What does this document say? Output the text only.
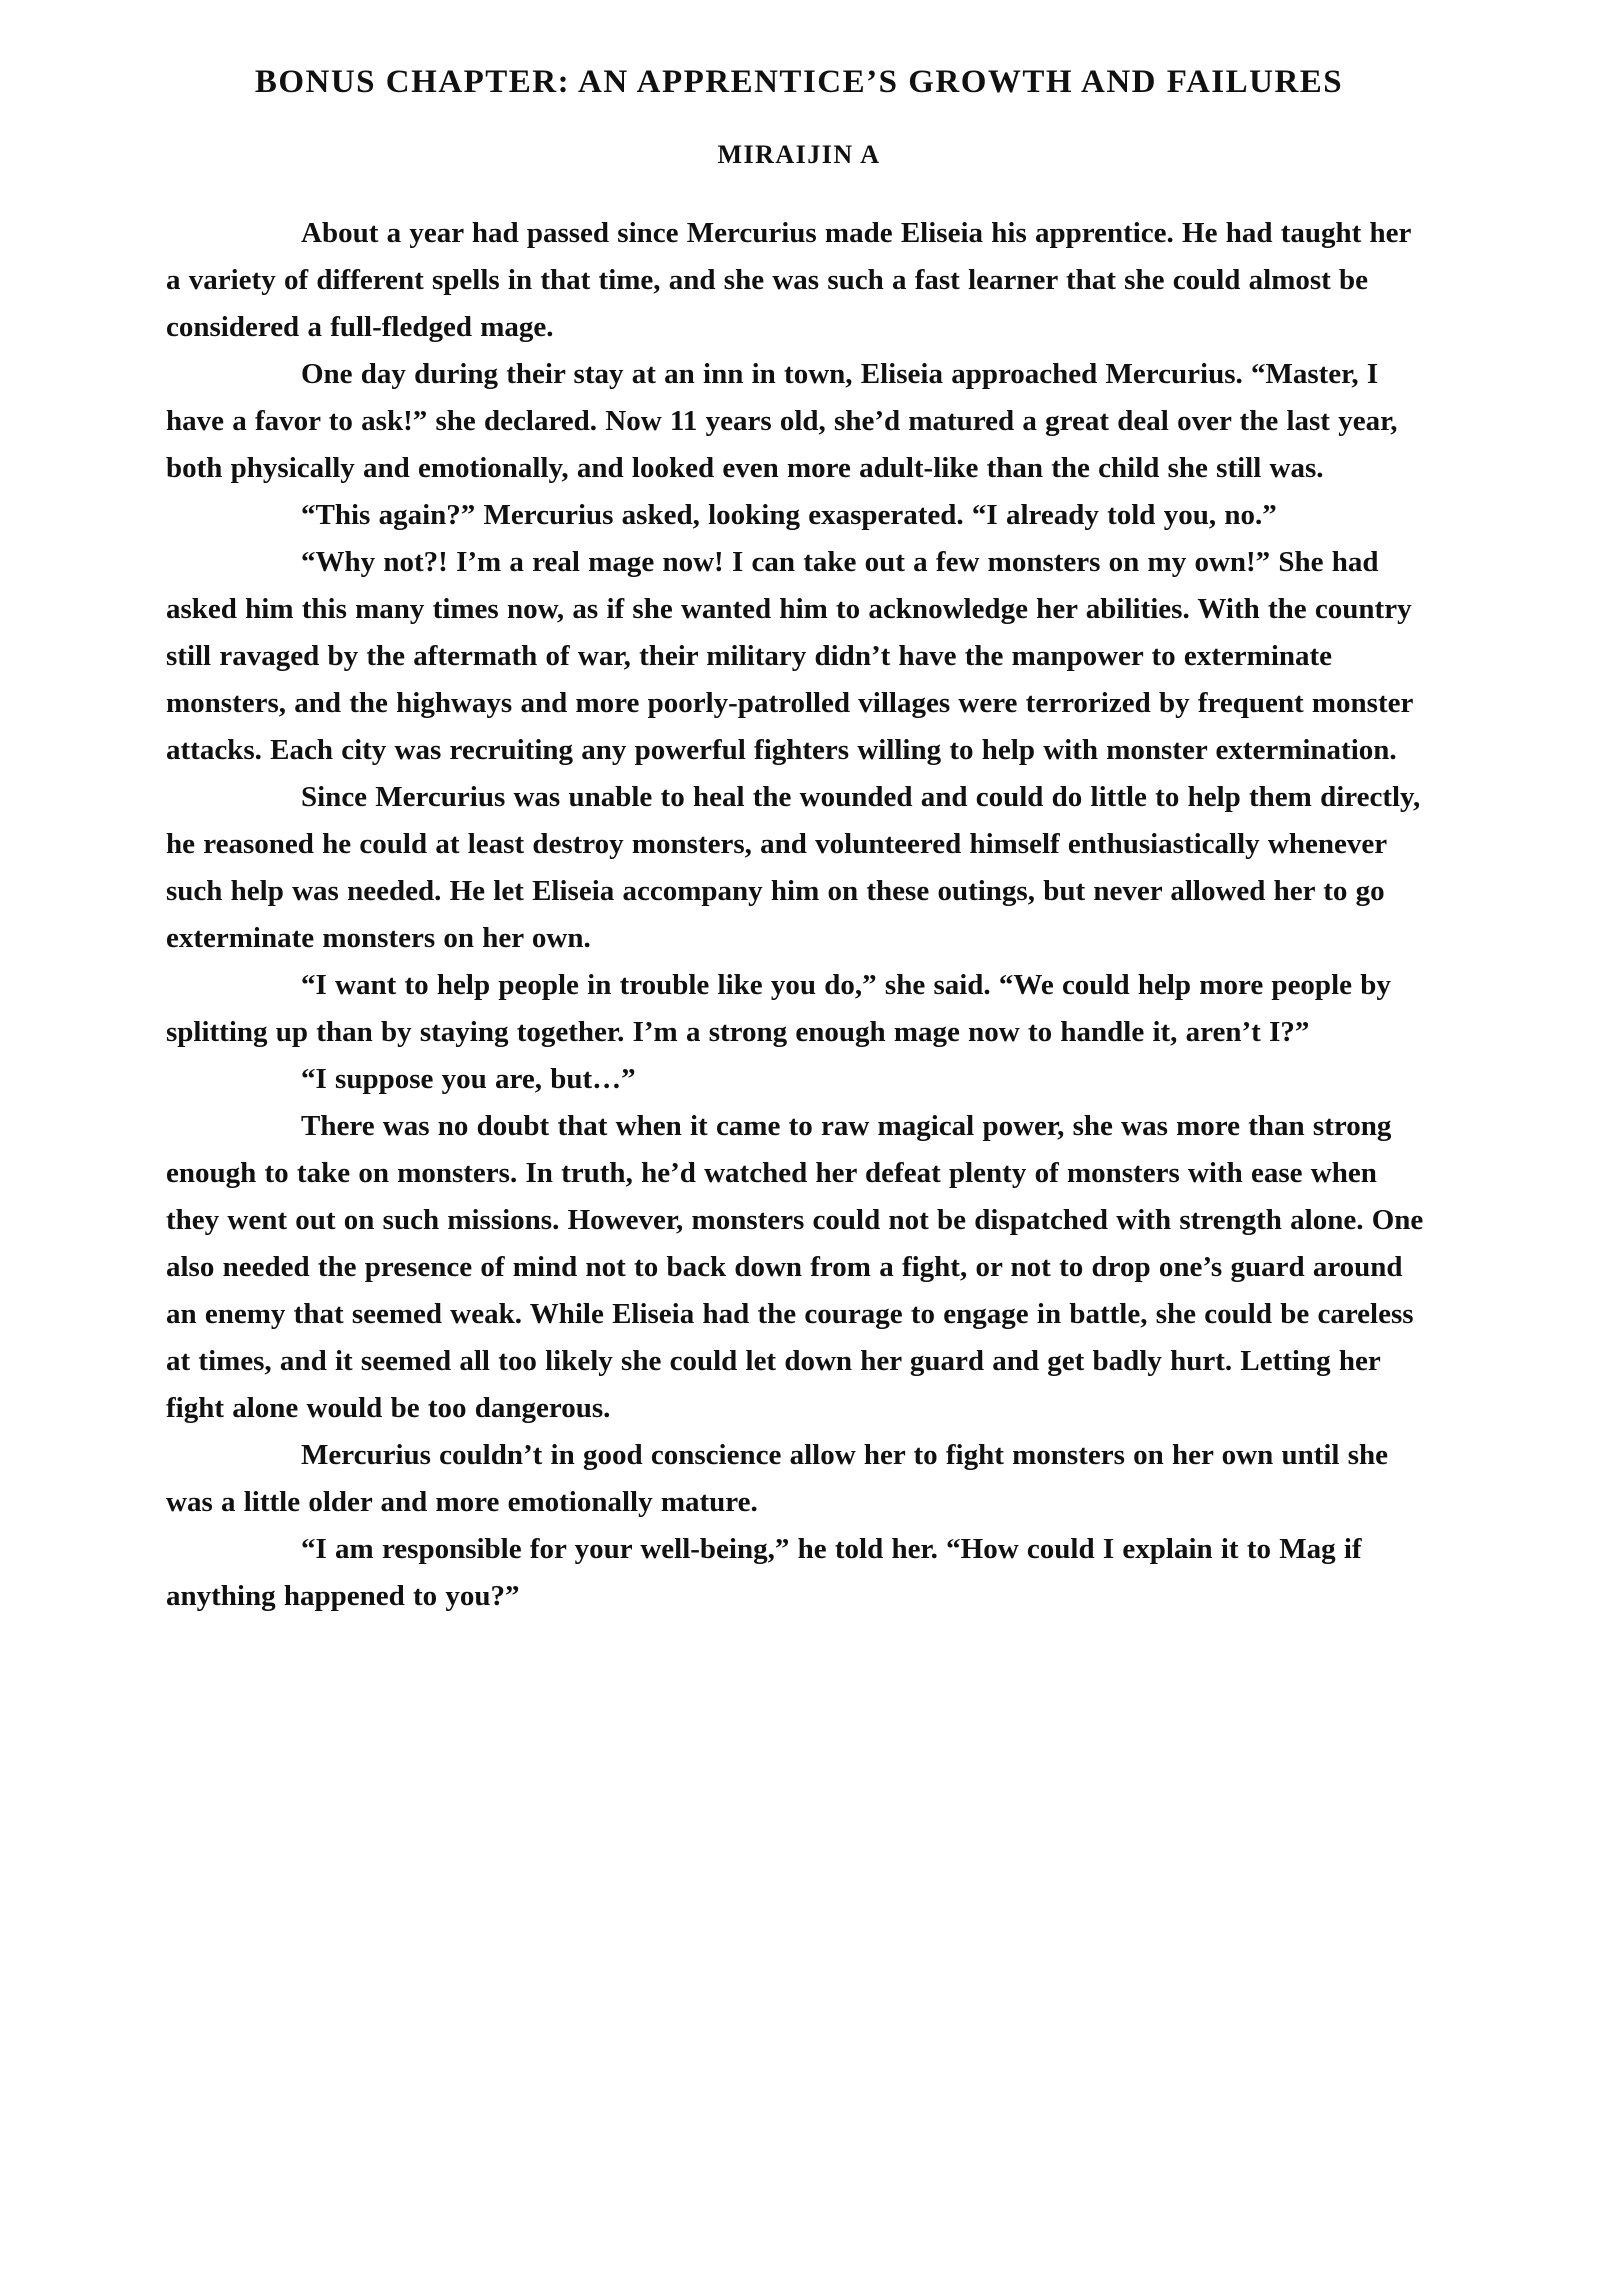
BONUS CHAPTER: AN APPRENTICE’S GROWTH AND FAILURES
MIRAIJIN A

About a year had passed since Mercurius made Eliseia his apprentice. He had taught her a variety of different spells in that time, and she was such a fast learner that she could almost be considered a full-fledged mage.

One day during their stay at an inn in town, Eliseia approached Mercurius. “Master, I have a favor to ask!” she declared. Now 11 years old, she’d matured a great deal over the last year, both physically and emotionally, and looked even more adult-like than the child she still was.

“This again?” Mercurius asked, looking exasperated. “I already told you, no.”

“Why not?! I’m a real mage now! I can take out a few monsters on my own!” She had asked him this many times now, as if she wanted him to acknowledge her abilities. With the country still ravaged by the aftermath of war, their military didn’t have the manpower to exterminate monsters, and the highways and more poorly-patrolled villages were terrorized by frequent monster attacks. Each city was recruiting any powerful fighters willing to help with monster extermination.

Since Mercurius was unable to heal the wounded and could do little to help them directly, he reasoned he could at least destroy monsters, and volunteered himself enthusiastically whenever such help was needed. He let Eliseia accompany him on these outings, but never allowed her to go exterminate monsters on her own.

“I want to help people in trouble like you do,” she said. “We could help more people by splitting up than by staying together. I’m a strong enough mage now to handle it, aren’t I?”

“I suppose you are, but…”

There was no doubt that when it came to raw magical power, she was more than strong enough to take on monsters. In truth, he’d watched her defeat plenty of monsters with ease when they went out on such missions. However, monsters could not be dispatched with strength alone. One also needed the presence of mind not to back down from a fight, or not to drop one’s guard around an enemy that seemed weak. While Eliseia had the courage to engage in battle, she could be careless at times, and it seemed all too likely she could let down her guard and get badly hurt. Letting her fight alone would be too dangerous.

Mercurius couldn’t in good conscience allow her to fight monsters on her own until she was a little older and more emotionally mature.

“I am responsible for your well-being,” he told her. “How could I explain it to Mag if anything happened to you?”
